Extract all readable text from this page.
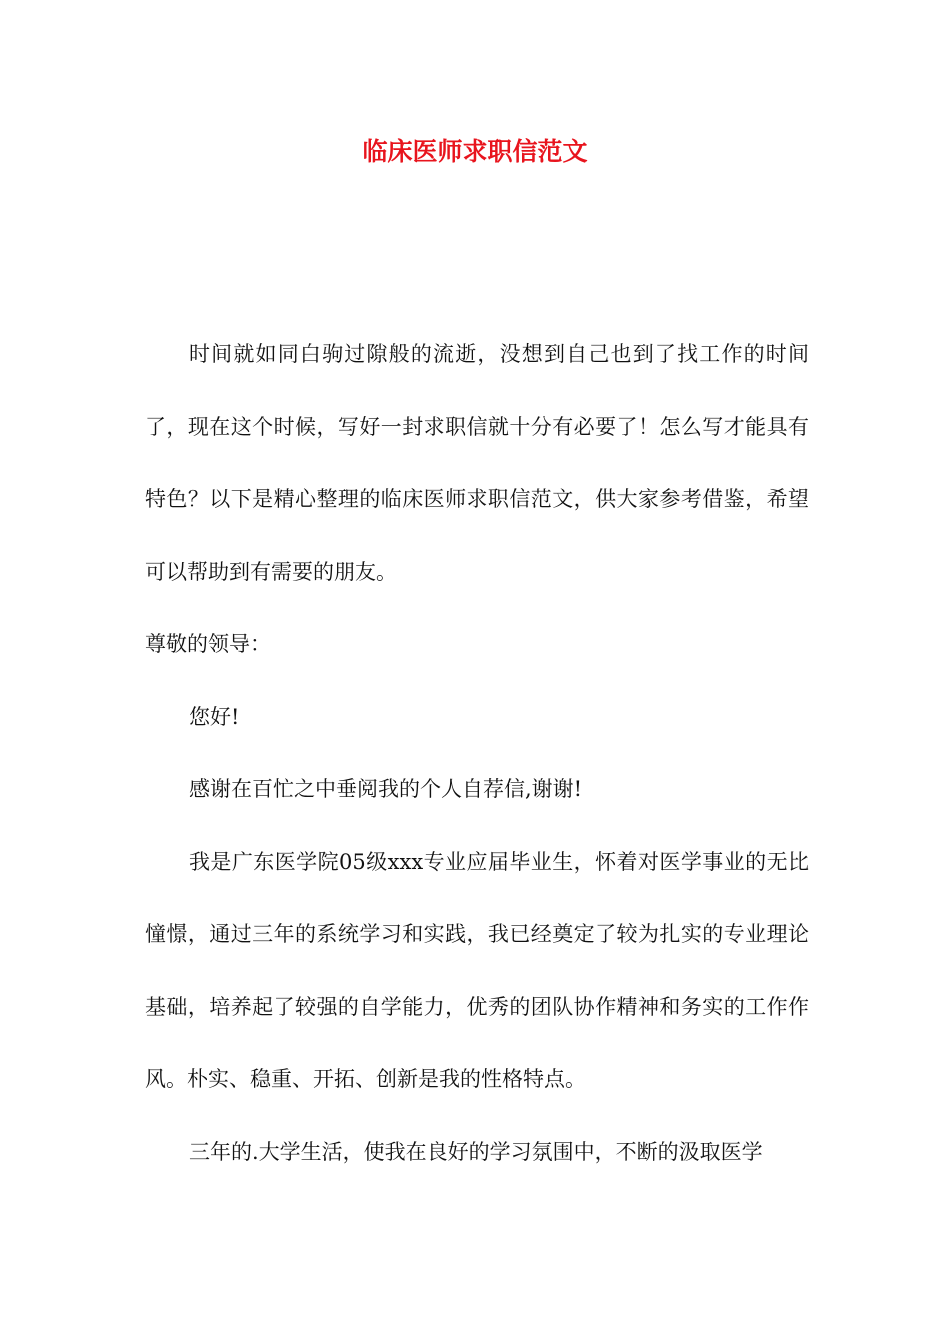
临床医师求职信范文

时间就如同白驹过隙般的流逝，没想到自己也到了找工作的时间了，现在这个时候，写好一封求职信就十分有必要了！怎么写才能具有特色？以下是精心整理的临床医师求职信范文，供大家参考借鉴，希望可以帮助到有需要的朋友。

尊敬的领导：

您好!

感谢在百忙之中垂阅我的个人自荐信,谢谢!

我是广东医学院05级xxx专业应届毕业生，怀着对医学事业的无比憧憬，通过三年的系统学习和实践，我已经奠定了较为扎实的专业理论基础，培养起了较强的自学能力，优秀的团队协作精神和务实的工作作风。朴实、稳重、开拓、创新是我的性格特点。

三年的.大学生活，使我在良好的学习氛围中，不断的汲取医学
